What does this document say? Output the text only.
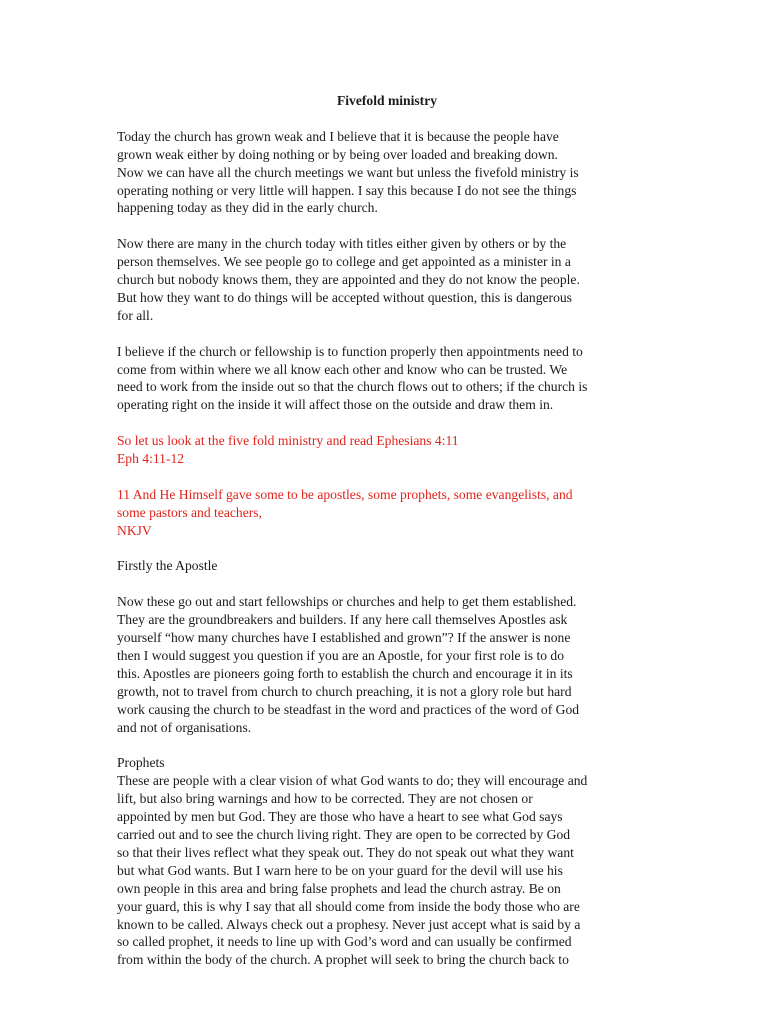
Fivefold ministry

Today the church has grown weak and I believe that it is because the people have
grown weak either by doing nothing or by being over loaded and breaking down.
Now we can have all the church meetings we want but unless the fivefold ministry is
operating nothing or very little will happen. I say this because I do not see the things
happening today as they did in the early church.

Now there are many in the church today with titles either given by others or by the
person themselves. We see people go to college and get appointed as a minister in a
church but nobody knows them, they are appointed and they do not know the people.
But how they want to do things will be accepted without question, this is dangerous
for all.

I believe if the church or fellowship is to function properly then appointments need to
come from within where we all know each other and know who can be trusted. We
need to work from the inside out so that the church flows out to others; if the church is
operating right on the inside it will affect those on the outside and draw them in.

So let us look at the five fold ministry and read Ephesians 4:11
Eph 4:11-12

11 And He Himself gave some to be apostles, some prophets, some evangelists, and
some pastors and teachers,
NKJV

Firstly the Apostle

Now these go out and start fellowships or churches and help to get them established.
They are the groundbreakers and builders. If any here call themselves Apostles ask
yourself “how many churches have I established and grown”? If the answer is none
then I would suggest you question if you are an Apostle, for your first role is to do
this. Apostles are pioneers going forth to establish the church and encourage it in its
growth, not to travel from church to church preaching, it is not a glory role but hard
work causing the church to be steadfast in the word and practices of the word of God
and not of organisations.

Prophets
These are people with a clear vision of what God wants to do; they will encourage and
lift, but also bring warnings and how to be corrected. They are not chosen or
appointed by men but God. They are those who have a heart to see what God says
carried out and to see the church living right. They are open to be corrected by God
so that their lives reflect what they speak out. They do not speak out what they want
but what God wants. But I warn here to be on your guard for the devil will use his
own people in this area and bring false prophets and lead the church astray. Be on
your guard, this is why I say that all should come from inside the body those who are
known to be called. Always check out a prophesy. Never just accept what is said by a
so called prophet, it needs to line up with God’s word and can usually be confirmed
from within the body of the church. A prophet will seek to bring the church back to
